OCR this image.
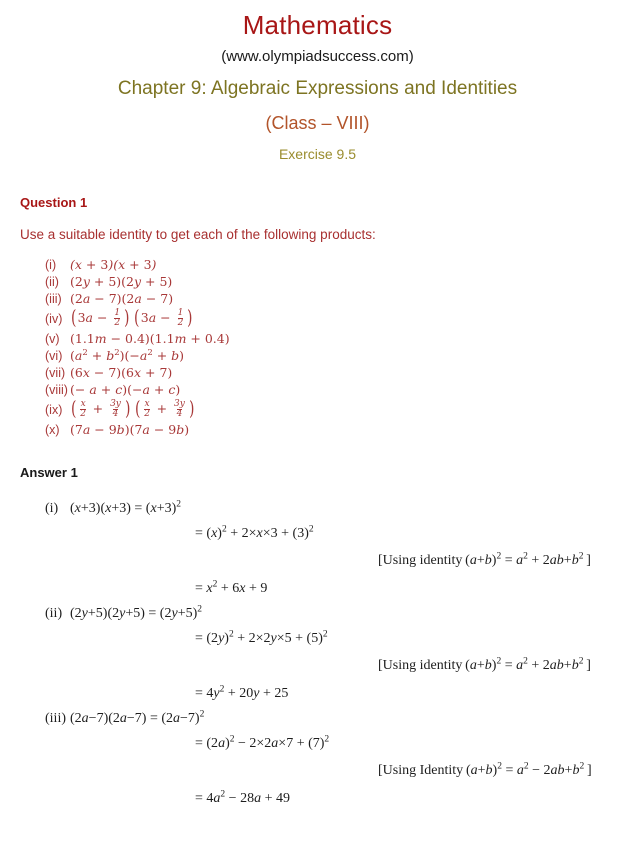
Mathematics
(www.olympiadsuccess.com)
Chapter 9: Algebraic Expressions and Identities
(Class – VIII)
Exercise 9.5
Question 1
Use a suitable identity to get each of the following products:
(i)	(x + 3)(x + 3)
(ii) (2y + 5)(2y + 5)
(iii) (2a − 7)(2a − 7)
(iv) ($3a - \frac{1}{2}$ )  ($3a - \frac{1}{2}$ )
(v) (1.1m − 0.4)(1.1m + 0.4)
(vi) $(a^2 + b^2)(-a^2 + b)$
(vii) (6x − 7)(6x + 7)
(viii) (− a + c)(−a + c)
(ix) ( $\frac{x}{2} + \frac{3y}{4}$ )  ( $\frac{x}{2} + \frac{3y}{4}$ )
(x) (7a − 9b)(7a − 9b)
Answer 1
(i) $(x+3)(x+3) = (x+3)^2$
= $(x)^2 + 2\times x\times 3 + (3)^2$
[Using identity $(a+b)^2 = a^2 + 2ab+b^2$ ]
= $x^2 + 6x + 9$
(ii) $(2y+5)(2y+5) = (2y+5)^2$
= $(2y)^2 + 2\times 2y\times 5 + (5)^2$
[Using identity $(a+b)^2 = a^2 + 2ab+b^2$ ]
= $4y^2 + 20y + 25$
(iii) $(2a-7)(2a-7) = (2a-7)^2$
= $(2a)^2 - 2\times 2a\times 7 + (7)^2$
[Using Identity $(a+b)^2 = a^2 - 2ab+b^2$ ]
= $4a^2 - 28a + 49$
